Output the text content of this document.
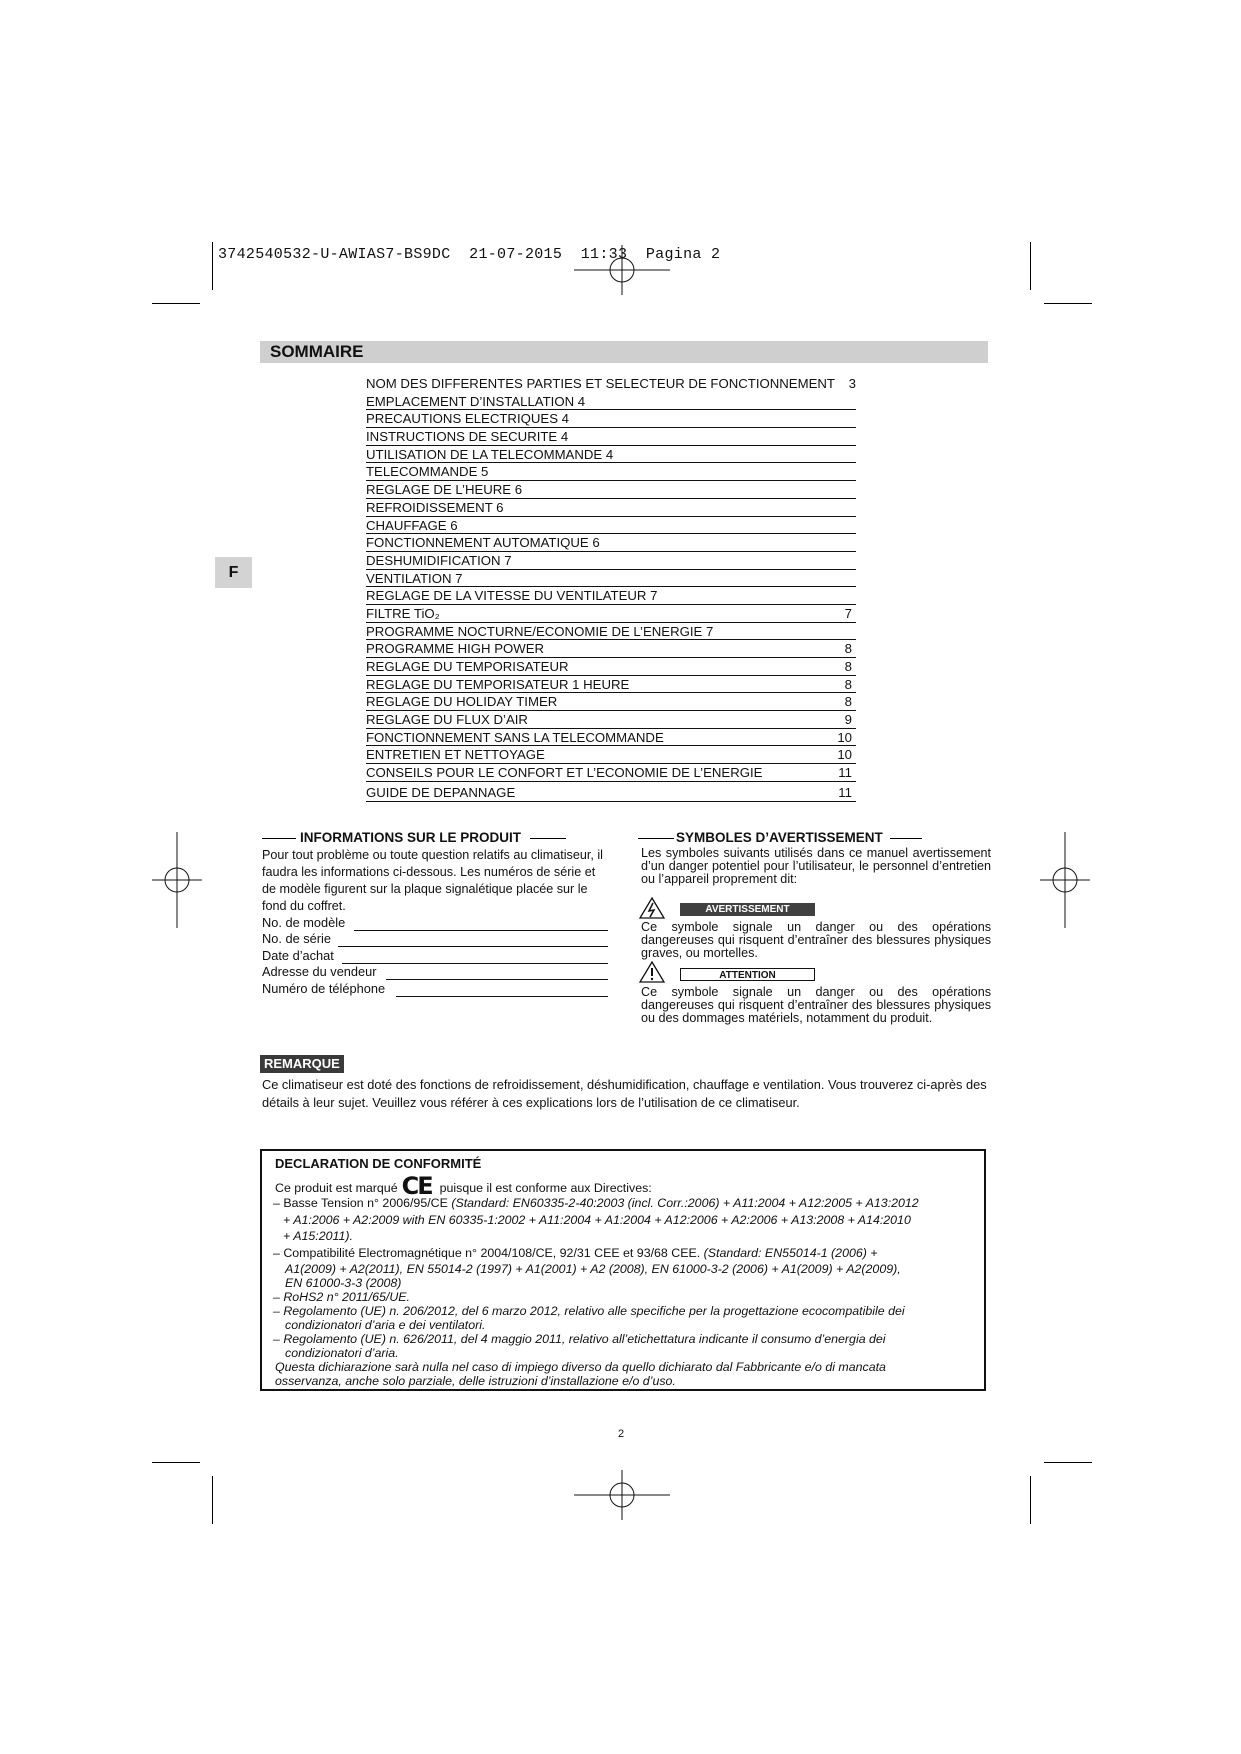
3742540532-U-AWIAS7-BS9DC  21-07-2015  11:33  Pagina 2
SOMMAIRE
NOM DES DIFFERENTES PARTIES ET SELECTEUR DE FONCTIONNEMENT 3
EMPLACEMENT D’INSTALLATION 4
PRECAUTIONS ELECTRIQUES 4
INSTRUCTIONS DE SECURITE 4
UTILISATION DE LA TELECOMMANDE 4
TELECOMMANDE 5
REGLAGE DE L’HEURE 6
REFROIDISSEMENT 6
CHAUFFAGE 6
FONCTIONNEMENT AUTOMATIQUE 6
DESHUMIDIFICATION 7
VENTILATION 7
REGLAGE DE LA VITESSE DU VENTILATEUR 7
FILTRE TiO₂	7
PROGRAMME NOCTURNE/ECONOMIE DE L’ENERGIE 7
PROGRAMME HIGH POWER	8
REGLAGE DU TEMPORISATEUR	8
REGLAGE DU TEMPORISATEUR 1 HEURE	8
REGLAGE DU HOLIDAY TIMER	8
REGLAGE DU FLUX D’AIR	9
FONCTIONNEMENT SANS LA TELECOMMANDE	10
ENTRETIEN ET NETTOYAGE	10
CONSEILS POUR LE CONFORT ET L’ECONOMIE DE L’ENERGIE	11
GUIDE DE DEPANNAGE	11
F
INFORMATIONS SUR LE PRODUIT
Pour tout problème ou toute question relatifs au climatiseur, il faudra les informations ci-dessous. Les numéros de série et de modèle figurent sur la plaque signalétique placée sur le fond du coffret.
No. de modèle
No. de série
Date d’achat
Adresse du vendeur
Numéro de téléphone
SYMBOLES D’AVERTISSEMENT
Les symboles suivants utilisés dans ce manuel avertissement d’un danger potentiel pour l’utilisateur, le personnel d’entretien ou l’appareil proprement dit:
AVERTISSEMENT
Ce symbole signale un danger ou des opérations dangereuses qui risquent d’entraîner des blessures physiques graves, ou mortelles.
ATTENTION
Ce symbole signale un danger ou des opérations dangereuses qui risquent d’entraîner des blessures physiques ou des dommages matériels, notamment du produit.
REMARQUE
Ce climatiseur est doté des fonctions de refroidissement, déshumidification, chauffage e ventilation. Vous trouverez ci-après des détails à leur sujet. Veuillez vous référer à ces explications lors de l’utilisation de ce climatiseur.
DECLARATION DE CONFORMITÉ
Ce produit est marqué CE puisque il est conforme aux Directives:
– Basse Tension n° 2006/95/CE (Standard: EN60335-2-40:2003 (incl. Corr.:2006) + A11:2004 + A12:2005 + A13:2012
+ A1:2006 + A2:2009 with EN 60335-1:2002 + A11:2004 + A1:2004 + A12:2006 + A2:2006 + A13:2008 + A14:2010
+ A15:2011).
– Compatibilité Electromagnétique n° 2004/108/CE, 92/31 CEE et 93/68 CEE. (Standard: EN55014-1 (2006) +
A1(2009) + A2(2011), EN 55014-2 (1997) + A1(2001) + A2 (2008), EN 61000-3-2 (2006) + A1(2009) + A2(2009),
EN 61000-3-3 (2008)
– RoHS2 n° 2011/65/UE.
– Regolamento (UE) n. 206/2012, del 6 marzo 2012, relativo alle specifiche per la progettazione ecocompatibile dei
condizionatori d’aria e dei ventilatori.
– Regolamento (UE) n. 626/2011, del 4 maggio 2011, relativo all’etichettatura indicante il consumo d’energia dei
condizionatori d’aria.
Questa dichiarazione sarà nulla nel caso di impiego diverso da quello dichiarato dal Fabbricante e/o di mancata
osservanza, anche solo parziale, delle istruzioni d’installazione e/o d’uso.
2
